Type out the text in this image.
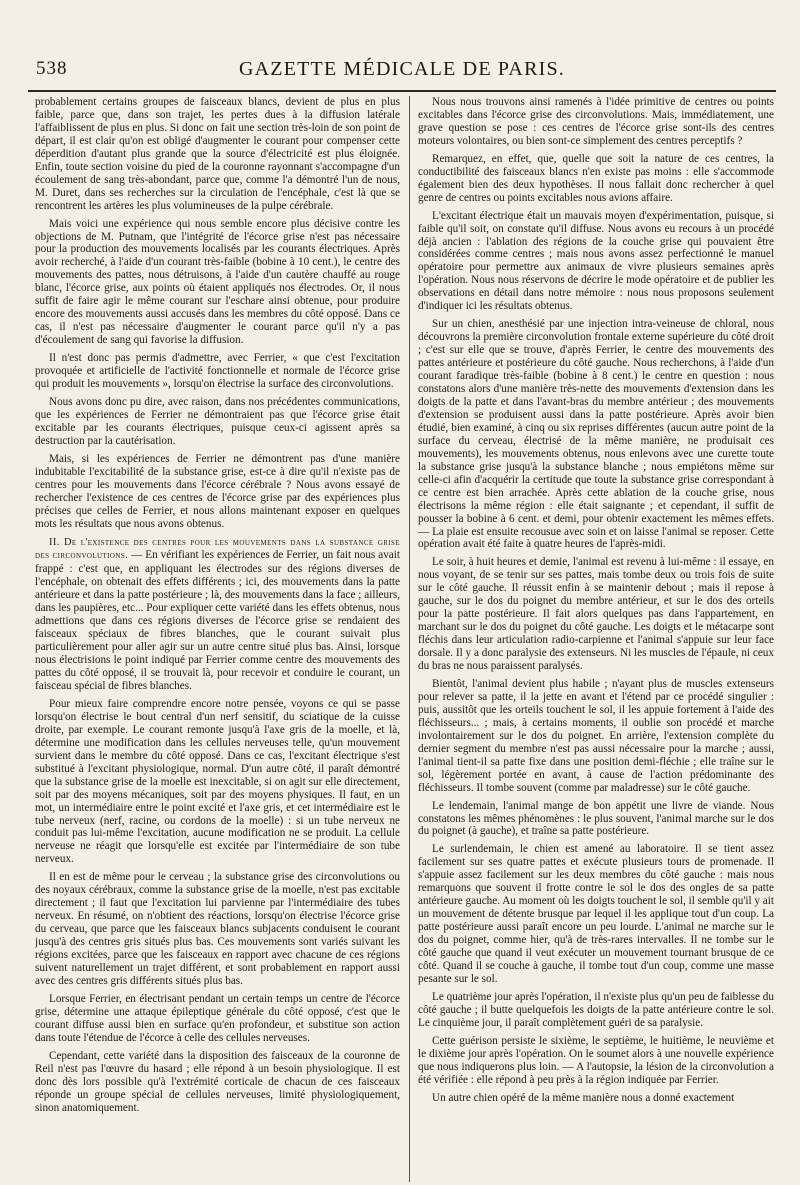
538	GAZETTE MÉDICALE DE PARIS.

probablement certains groupes de faisceaux blancs, devient de plus en plus faible, parce que, dans son trajet, les pertes dues à la diffusion latérale l'affaiblissent de plus en plus. Si donc on fait une section très-loin de son point de départ, il est clair qu'on est obligé d'augmenter le courant pour compenser cette déperdition d'autant plus grande que la source d'électricité est plus éloignée. Enfin, toute section voisine du pied de la couronne rayonnant s'accompagne d'un écoulement de sang très-abondant, parce que, comme l'a démontré l'un de nous, M. Duret, dans ses recherches sur la circulation de l'encéphale, c'est là que se rencontrent les artères les plus volumineuses de la pulpe cérébrale.

Mais voici une expérience qui nous semble encore plus décisive contre les objections de M. Putnam, que l'intégrité de l'écorce grise n'est pas nécessaire pour la production des mouvements localisés par les courants électriques. Après avoir recherché, à l'aide d'un courant très-faible (bobine à 10 cent.), le centre des mouvements des pattes, nous détruisons, à l'aide d'un cautère chauffé au rouge blanc, l'écorce grise, aux points où étaient appliqués nos électrodes. Or, il nous suffit de faire agir le même courant sur l'eschare ainsi obtenue, pour produire encore des mouvements aussi accusés dans les membres du côté opposé. Dans ce cas, il n'est pas nécessaire d'augmenter le courant parce qu'il n'y a pas d'écoulement de sang qui favorise la diffusion.

Il n'est donc pas permis d'admettre, avec Ferrier, « que c'est l'excitation provoquée et artificielle de l'activité fonctionnelle et normale de l'écorce grise qui produit les mouvements », lorsqu'on électrise la surface des circonvolutions.

Nous avons donc pu dire, avec raison, dans nos précédentes communications, que les expériences de Ferrier ne démontraient pas que l'écorce grise était excitable par les courants électriques, puisque ceux-ci agissent après sa destruction par la cautérisation.

Mais, si les expériences de Ferrier ne démontrent pas d'une manière indubitable l'excitabilité de la substance grise, est-ce à dire qu'il n'existe pas de centres pour les mouvements dans l'écorce cérébrale ? Nous avons essayé de rechercher l'existence de ces centres de l'écorce grise par des expériences plus précises que celles de Ferrier, et nous allons maintenant exposer en quelques mots les résultats que nous avons obtenus.

II. De l'existence des centres pour les mouvements dans la substance grise des circonvolutions. — En vérifiant les expériences de Ferrier, un fait nous avait frappé : c'est que, en appliquant les électrodes sur des régions diverses de l'encéphale, on obtenait des effets différents ; ici, des mouvements dans la patte antérieure et dans la patte postérieure ; là, des mouvements dans la face ; ailleurs, dans les paupières, etc... Pour expliquer cette variété dans les effets obtenus, nous admettions que dans ces régions diverses de l'écorce grise se rendaient des faisceaux spéciaux de fibres blanches, que le courant suivait plus particulièrement pour aller agir sur un autre centre situé plus bas. Ainsi, lorsque nous électrisions le point indiqué par Ferrier comme centre des mouvements des pattes du côté opposé, il se trouvait là, pour recevoir et conduire le courant, un faisceau spécial de fibres blanches.

Pour mieux faire comprendre encore notre pensée, voyons ce qui se passe lorsqu'on électrise le bout central d'un nerf sensitif, du sciatique de la cuisse droite, par exemple. Le courant remonte jusqu'à l'axe gris de la moelle, et là, détermine une modification dans les cellules nerveuses telle, qu'un mouvement survient dans le membre du côté opposé. Dans ce cas, l'excitant électrique s'est substitué à l'excitant physiologique, normal. D'un autre côté, il paraît démontré que la substance grise de la moelle est inexcitable, si on agit sur elle directement, soit par des moyens mécaniques, soit par des moyens physiques. Il faut, en un mot, un intermédiaire entre le point excité et l'axe gris, et cet intermédiaire est le tube nerveux (nerf, racine, ou cordons de la moelle) : si un tube nerveux ne conduit pas lui-même l'excitation, aucune modification ne se produit. La cellule nerveuse ne réagit que lorsqu'elle est excitée par l'intermédiaire de son tube nerveux.

Il en est de même pour le cerveau ; la substance grise des circonvolutions ou des noyaux cérébraux, comme la substance grise de la moelle, n'est pas excitable directement ; il faut que l'excitation lui parvienne par l'intermédiaire des tubes nerveux. En résumé, on n'obtient des réactions, lorsqu'on électrise l'écorce grise du cerveau, que parce que les faisceaux blancs subjacents conduisent le courant jusqu'à des centres gris situés plus bas. Ces mouvements sont variés suivant les régions excitées, parce que les faisceaux en rapport avec chacune de ces régions suivent naturellement un trajet différent, et sont probablement en rapport aussi avec des centres gris différents situés plus bas.

Lorsque Ferrier, en électrisant pendant un certain temps un centre de l'écorce grise, détermine une attaque épileptique générale du côté opposé, c'est que le courant diffuse aussi bien en surface qu'en profondeur, et substitue son action dans toute l'étendue de l'écorce à celle des cellules nerveuses.

Cependant, cette variété dans la disposition des faisceaux de la couronne de Reil n'est pas l'œuvre du hasard ; elle répond à un besoin physiologique. Il est donc dès lors possible qu'à l'extrémité corticale de chacun de ces faisceaux réponde un groupe spécial de cellules nerveuses, limité physiologiquement, sinon anatomiquement.

Nous nous trouvons ainsi ramenés à l'idée primitive de centres ou points excitables dans l'écorce grise des circonvolutions. Mais, immédiatement, une grave question se pose : ces centres de l'écorce grise sont-ils des centres moteurs volontaires, ou bien sont-ce simplement des centres perceptifs ?

Remarquez, en effet, que, quelle que soit la nature de ces centres, la conductibilité des faisceaux blancs n'en existe pas moins : elle s'accommode également bien des deux hypothèses. Il nous fallait donc rechercher à quel genre de centres ou points excitables nous avions affaire.

L'excitant électrique était un mauvais moyen d'expérimentation, puisque, si faible qu'il soit, on constate qu'il diffuse. Nous avons eu recours à un procédé déjà ancien : l'ablation des régions de la couche grise qui pouvaient être considérées comme centres ; mais nous avons assez perfectionné le manuel opératoire pour permettre aux animaux de vivre plusieurs semaines après l'opération. Nous nous réservons de décrire le mode opératoire et de publier les observations en détail dans notre mémoire : nous nous proposons seulement d'indiquer ici les résultats obtenus.

Sur un chien, anesthésié par une injection intra-veineuse de chloral, nous découvrons la première circonvolution frontale externe supérieure du côté droit ; c'est sur elle que se trouve, d'après Ferrier, le centre des mouvements des pattes antérieure et postérieure du côté gauche. Nous recherchons, à l'aide d'un courant faradique très-faible (bobine à 8 cent.) le centre en question : nous constatons alors d'une manière très-nette des mouvements d'extension dans les doigts de la patte et dans l'avant-bras du membre antérieur ; des mouvements d'extension se produisent aussi dans la patte postérieure. Après avoir bien étudié, bien examiné, à cinq ou six reprises différentes (aucun autre point de la surface du cerveau, électrisé de la même manière, ne produisait ces mouvements), les mouvements obtenus, nous enlevons avec une curette toute la substance grise jusqu'à la substance blanche ; nous empiétons même sur celle-ci afin d'acquérir la certitude que toute la substance grise correspondant à ce centre est bien arrachée. Après cette ablation de la couche grise, nous électrisons la même région : elle était saignante ; et cependant, il suffit de pousser la bobine à 6 cent. et demi, pour obtenir exactement les mêmes effets. — La plaie est ensuite recousue avec soin et on laisse l'animal se reposer. Cette opération avait été faite à quatre heures de l'après-midi.

Le soir, à huit heures et demie, l'animal est revenu à lui-même : il essaye, en nous voyant, de se tenir sur ses pattes, mais tombe deux ou trois fois de suite sur le côté gauche. Il réussit enfin à se maintenir debout ; mais il repose à gauche, sur le dos du poignet du membre antérieur, et sur le dos des orteils pour la patte postérieure. Il fait alors quelques pas dans l'appartement, en marchant sur le dos du poignet du côté gauche. Les doigts et le métacarpe sont fléchis dans leur articulation radio-carpienne et l'animal s'appuie sur leur face dorsale. Il y a donc paralysie des extenseurs. Ni les muscles de l'épaule, ni ceux du bras ne nous paraissent paralysés.

Bientôt, l'animal devient plus habile ; n'ayant plus de muscles extenseurs pour relever sa patte, il la jette en avant et l'étend par ce procédé singulier : puis, aussitôt que les orteils touchent le sol, il les appuie fortement à l'aide des fléchisseurs... ; mais, à certains moments, il oublie son procédé et marche involontairement sur le dos du poignet. En arrière, l'extension complète du dernier segment du membre n'est pas aussi nécessaire pour la marche ; aussi, l'animal tient-il sa patte fixe dans une position demi-fléchie ; elle traîne sur le sol, légèrement portée en avant, à cause de l'action prédominante des fléchisseurs. Il tombe souvent (comme par maladresse) sur le côté gauche.

Le lendemain, l'animal mange de bon appétit une livre de viande. Nous constatons les mêmes phénomènes : le plus souvent, l'animal marche sur le dos du poignet (à gauche), et traîne sa patte postérieure.

Le surlendemain, le chien est amené au laboratoire. Il se tient assez facilement sur ses quatre pattes et exécute plusieurs tours de promenade. Il s'appuie assez facilement sur les deux membres du côté gauche : mais nous remarquons que souvent il frotte contre le sol le dos des ongles de sa patte antérieure gauche. Au moment où les doigts touchent le sol, il semble qu'il y ait un mouvement de détente brusque par lequel il les applique tout d'un coup. La patte postérieure aussi paraît encore un peu lourde. L'animal ne marche sur le dos du poignet, comme hier, qu'à de très-rares intervalles. Il ne tombe sur le côté gauche que quand il veut exécuter un mouvement tournant brusque de ce côté. Quand il se couche à gauche, il tombe tout d'un coup, comme une masse pesante sur le sol.

Le quatrième jour après l'opération, il n'existe plus qu'un peu de faiblesse du côté gauche ; il butte quelquefois les doigts de la patte antérieure contre le sol. Le cinquième jour, il paraît complètement guéri de sa paralysie.

Cette guérison persiste le sixième, le septième, le huitième, le neuvième et le dixième jour après l'opération. On le soumet alors à une nouvelle expérience que nous indiquerons plus loin. — A l'autopsie, la lésion de la circonvolution a été vérifiée : elle répond à peu près à la région indiquée par Ferrier.

Un autre chien opéré de la même manière nous a donné exactement
